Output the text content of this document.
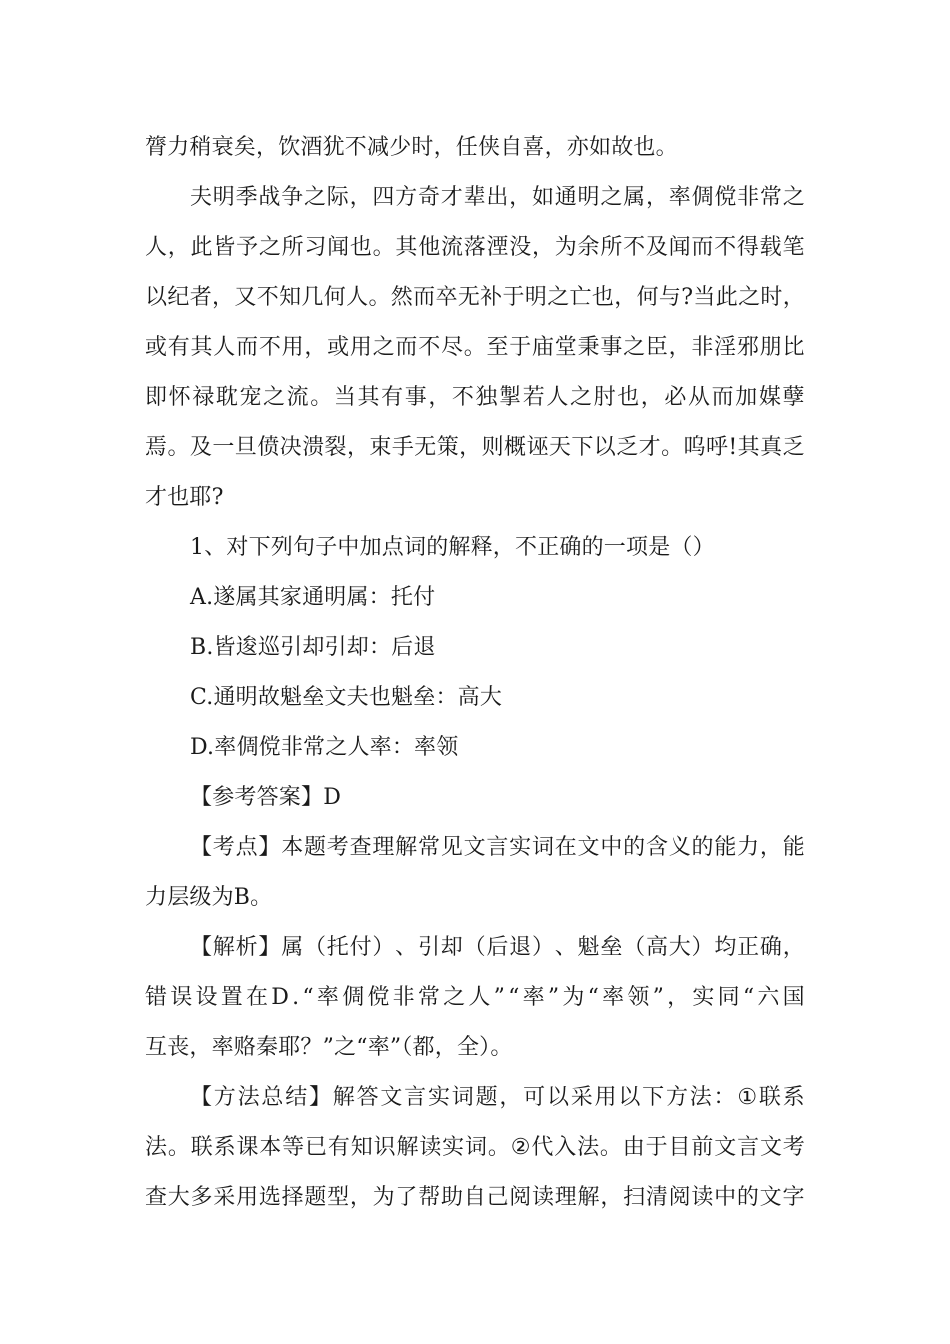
膂力稍衰矣，饮酒犹不减少时，任侠自喜，亦如故也。

夫 明 季 战 争 之 际 ， 四 方 奇 才 辈 出 ， 如 通 明 之 属 ， 率 倜 傥 非 常 之

人 ， 此 皆 予 之 所 习 闻 也 。 其 他 流 落 湮 没 ， 为 余 所 不 及 闻 而 不 得 载 笔

以 纪 者 ， 又 不 知 几 何 人 。 然 而 卒 无 补 于 明 之 亡 也 ， 何 与 ? 当 此 之 时 ，

或 有 其 人 而 不 用 ， 或 用 之 而 不 尽 。 至 于 庙 堂 秉 事 之 臣 ， 非 淫 邪 朋 比

即 怀 禄 耽 宠 之 流 。 当 其 有 事 ， 不 独 掣 若 人 之 肘 也 ， 必 从 而 加 媒 孽

焉 。 及 一 旦 偾 决 溃 裂 ， 束 手 无 策 ， 则 概 诬 天 下 以 乏 才 。 呜 呼 ! 其 真 乏

才也耶?

1、对下列句子中加点词的解释，不正确的一项是（）

A.遂属其家通明属：托付

B.皆逡巡引却引却：后退

C.通明故魁垒文夫也魁垒：高大

D.率倜傥非常之人率：率领

【参考答案】D

【 考 点 】 本 题 考 查 理 解 常 见 文 言 实 词 在 文 中 的 含 义 的 能 力 ， 能

力层级为B。

【 解 析 】 属 （ 托 付 ） 、 引 却 （ 后 退 ） 、 魁 垒 （ 高 大 ） 均 正 确 ，

错 误 设 置 在 D . “ 率 倜 傥 非 常 之 人 ” “ 率 ” 为 “ 率 领 ” ， 实 同 “ 六 国

互丧，率赂秦耶？”之“率”（都，全）。

【 方 法 总 结 】 解 答 文 言 实 词 题 ， 可 以 采 用 以 下 方 法 ： ① 联 系

法 。 联 系 课 本 等 已 有 知 识 解 读 实 词 。 ② 代 入 法 。 由 于 目 前 文 言 文 考

查 大 多 采 用 选 择 题 型 ， 为 了 帮 助 自 己 阅 读 理 解 ， 扫 清 阅 读 中 的 文 字
